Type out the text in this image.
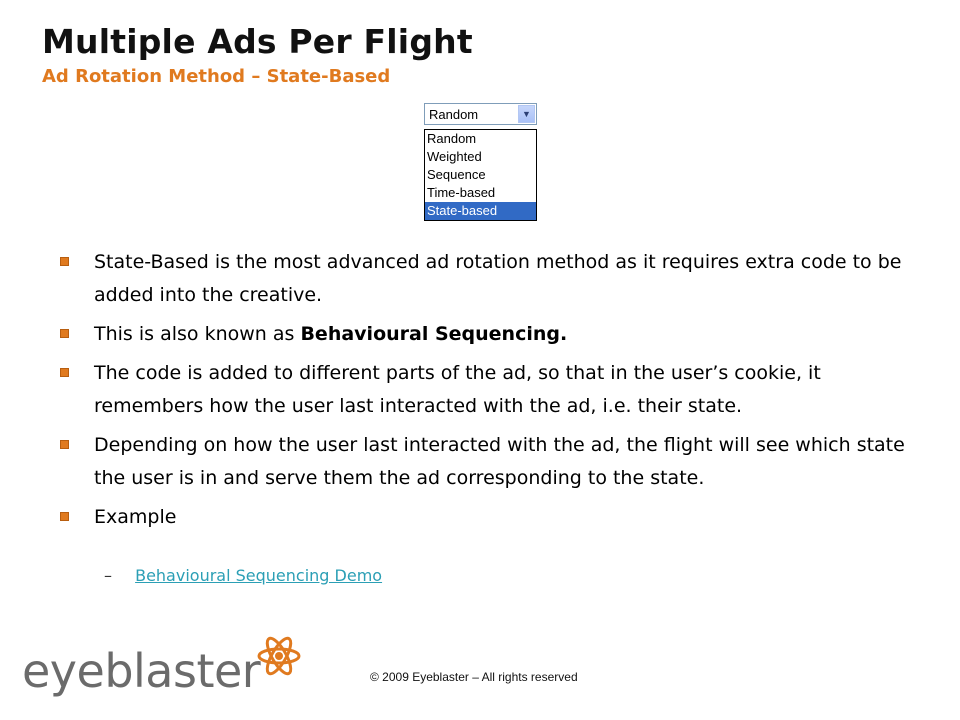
Multiple Ads Per Flight
Ad Rotation Method – State-Based
Random	▼
Random
Weighted
Sequence
Time-based
State-based
State-Based is the most advanced ad rotation method as it requires extra code to be added into the creative.
This is also known as Behavioural Sequencing.
The code is added to different parts of the ad, so that in the user’s cookie, it remembers how the user last interacted with the ad, i.e. their state.
Depending on how the user last interacted with the ad, the flight will see which state the user is in and serve them the ad corresponding to the state.
Example
– Behavioural Sequencing Demo
eyeblaster	© 2009 Eyeblaster – All rights reserved
